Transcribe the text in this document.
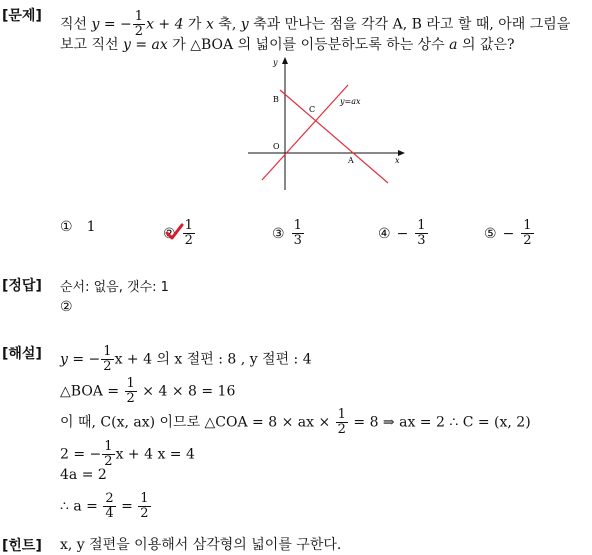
[문제]
직선 y = − $\frac{1}{2}$ x + 4 가 x 축, y 축과 만나는 점을 각각 A, B 라고 할 때, 아래 그림을
보고 직선 y = ax 가 △BOA 의 넓이를 이등분하도록 하는 상수 a 의 값은?
y
x
B
C
O
A
y=ax
① 1	② $\frac{1}{2}$	③ $\frac{1}{3}$	④ − $\frac{1}{3}$	⑤ − $\frac{1}{2}$
[정답] 순서: 없음, 갯수: 1
②
[해설] y = − $\frac{1}{2}$ x + 4 의 x 절편 : 8 , y 절편 : 4
△BOA = $\frac{1}{2} \times 4 \times 8 = 16$
이 때, C(x, ax) 이므로 △COA = 8 × ax × $\frac{1}{2} = 8$ ⇒ ax = 2 ∴ C = (x, 2)
2 = − $\frac{1}{2}$ x + 4 x = 4
4a = 2
∴ $a = \frac{2}{4} = \frac{1}{2}$
[힌트] x, y 절편을 이용해서 삼각형의 넓이를 구한다.
